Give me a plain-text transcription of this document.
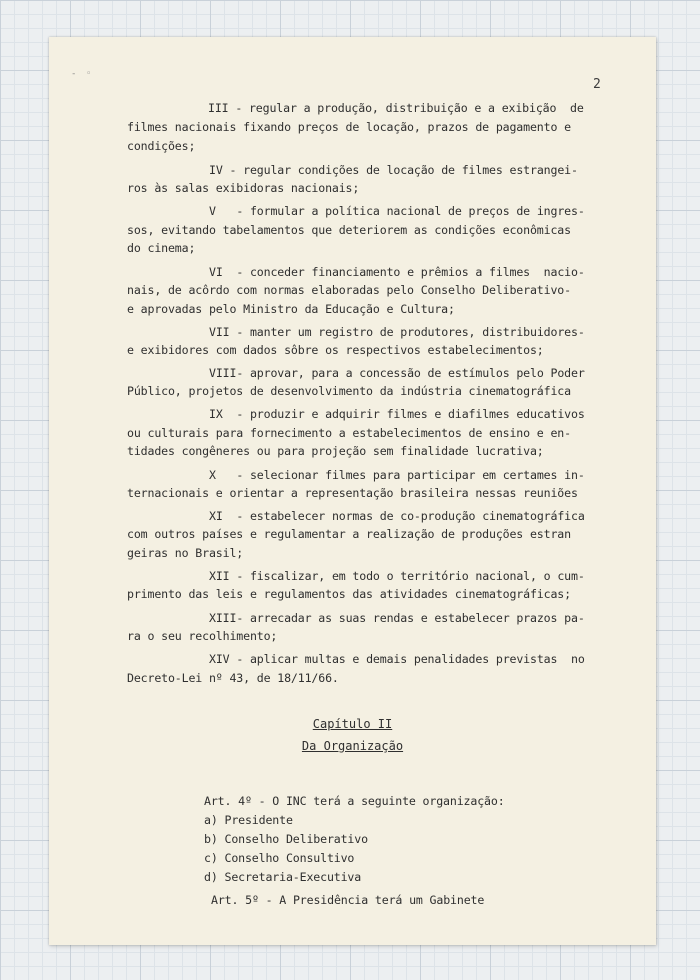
- ◦
2
III - regular a produção, distribuição e a exibição  de
filmes nacionais fixando preços de locação, prazos de pagamento e
condições;
IV - regular condições de locação de filmes estrangei-
ros às salas exibidoras nacionais;
V   - formular a política nacional de preços de ingres-
sos, evitando tabelamentos que deteriorem as condições econômicas
do cinema;
VI  - conceder financiamento e prêmios a filmes  nacio-
nais, de acôrdo com normas elaboradas pelo Conselho Deliberativo-
e aprovadas pelo Ministro da Educação e Cultura;
VII - manter um registro de produtores, distribuidores-
e exibidores com dados sôbre os respectivos estabelecimentos;
VIII- aprovar, para a concessão de estímulos pelo Poder
Público, projetos de desenvolvimento da indústria cinematográfica
IX  - produzir e adquirir filmes e diafilmes educativos
ou culturais para fornecimento a estabelecimentos de ensino e en-
tidades congêneres ou para projeção sem finalidade lucrativa;
X   - selecionar filmes para participar em certames in-
ternacionais e orientar a representação brasileira nessas reuniões
XI  - estabelecer normas de co-produção cinematográfica
com outros países e regulamentar a realização de produções estran
geiras no Brasil;
XII - fiscalizar, em todo o território nacional, o cum-
primento das leis e regulamentos das atividades cinematográficas;
XIII- arrecadar as suas rendas e estabelecer prazos pa-
ra o seu recolhimento;
XIV - aplicar multas e demais penalidades previstas  no
Decreto-Lei nº 43, de 18/11/66.
Capítulo II
Da Organização
Art. 4º - O INC terá a seguinte organização:
a) Presidente
b) Conselho Deliberativo
c) Conselho Consultivo
d) Secretaria-Executiva
Art. 5º - A Presidência terá um Gabinete
